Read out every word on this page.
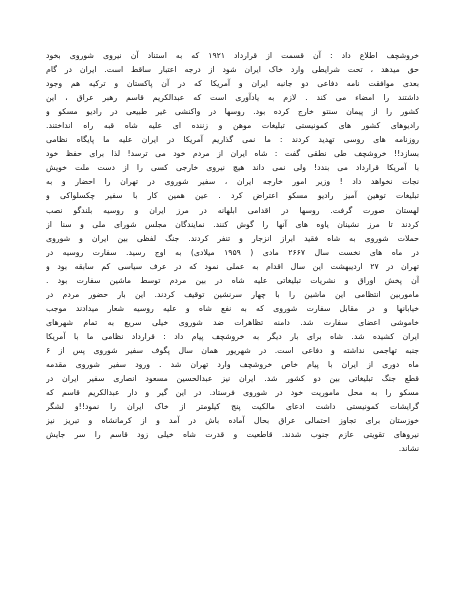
خروشچف اطلاع داد : آن قسمت از قرارداد ۱۹۲۱ که به استناد آن نیروی شوروی بخود
حق میدهد ، تحت شرایطی وارد خاک ایران شود از درجه اعتبار ساقط است. ایران در گام
بعدی موافقت نامه دفاعی دو جانبه ایران و آمریکا که در آن پاکستان و ترکیه هم وجود
داشتند را امضاء می کند . لازم به یادآوری است که عبدالکریم قاسم رهبر عراق ، این
کشور را از پیمان سنتو خارج کرده بود. روسها در واکنشی غیر طبیعی در رادیو مسکو و
رادیوهای کشور های کمونیستی تبلیغات موهن و زننده ای علیه شاه قبه راه انداختند.
روزنامه های روسی تهدید کردند : ما نمی گذاریم آمریکا در ایران علیه ما پایگاه نظامی
بسازد!! خروشچف طی نطقی گفت : شاه ایران از مردم خود می ترسد! لذا برای حفظ خود
با آمریکا قرارداد می بندد! ولی نمی داند هیچ نیروی خارجی کسی را از دست ملت خویش
نجات نخواهد داد ! وزیر امور خارجه ایران ، سفیر شوروی در تهران را احضار و به
تبلیغات توهین آمیز رادیو مسکو اعتراض کرد . عین همین کار با سفیر چکسلواکی و
لهستان صورت گرفت. روسها در اقدامی ابلهانه در مرز ایران و روسیه بلندگو نصب
کردند تا مرز نشینان یاوه های آنها را گوش کنند. نمایندگان مجلس شورای ملی و سنا از
حملات شوروی به شاه فقید ابراز انزجار و تنفر کردند. جنگ لفظی بین ایران و شوروی
در ماه های نخست سال ۲۶۶۷ مادی ( ۱۹۵۹ میلادی) به اوج رسید. سفارت روسیه در
تهران در ۲۷ اردیبهشت این سال اقدام به عملی نمود که در عرف سیاسی کم سابقه بود و
آن پخش اوراق و نشریات تبلیغاتی علیه شاه در بین مردم توسط ماشین سفارت بود .
ماموربین انتظامی این ماشین را با چهار سرنشین توقیف کردند. این بار حضور مردم در
خیابانها و در مقابل سفارت شوروی که به نفع شاه و علیه روسیه شعار میدادند موجب
خاموشی اعضای سفارت شد. دامنه تظاهرات ضد شوروی خیلی سریع به تمام شهرهای
ایران کشیده شد. شاه برای بار دیگر به خروشچف پیام داد : قرارداد نظامی ما با آمریکا
جنبه تهاجمی نداشته و دفاعی است. در شهریور همان سال پگوف سفیر شوروی پس از ۶
ماه دوری از ایران با پیام خاص خروشچف وارد تهران شد . ورود سفیر شوروی مقدمه
قطع جنگ تبلیغاتی بین دو کشور شد. ایران نیز عبدالحسین مسعود انصاری سفیر ایران در
مسکو را به محل ماموریت خود در شوروی فرستاد. در این گیر و دار عبدالکریم قاسم که
گرایشات کمونیستی داشت ادعای مالکیت پنج کیلومتر از خاک ایران را نمود!!و لشگر
خوزستان برای تجاوز احتمالی عراق بحال آماده باش در آمد و از کرمانشاه و تبریز نیز
نیروهای تقویتی عازم جنوب شدند. قاطعیت و قدرت شاه خیلی زود قاسم را سر جایش
نشاند.
